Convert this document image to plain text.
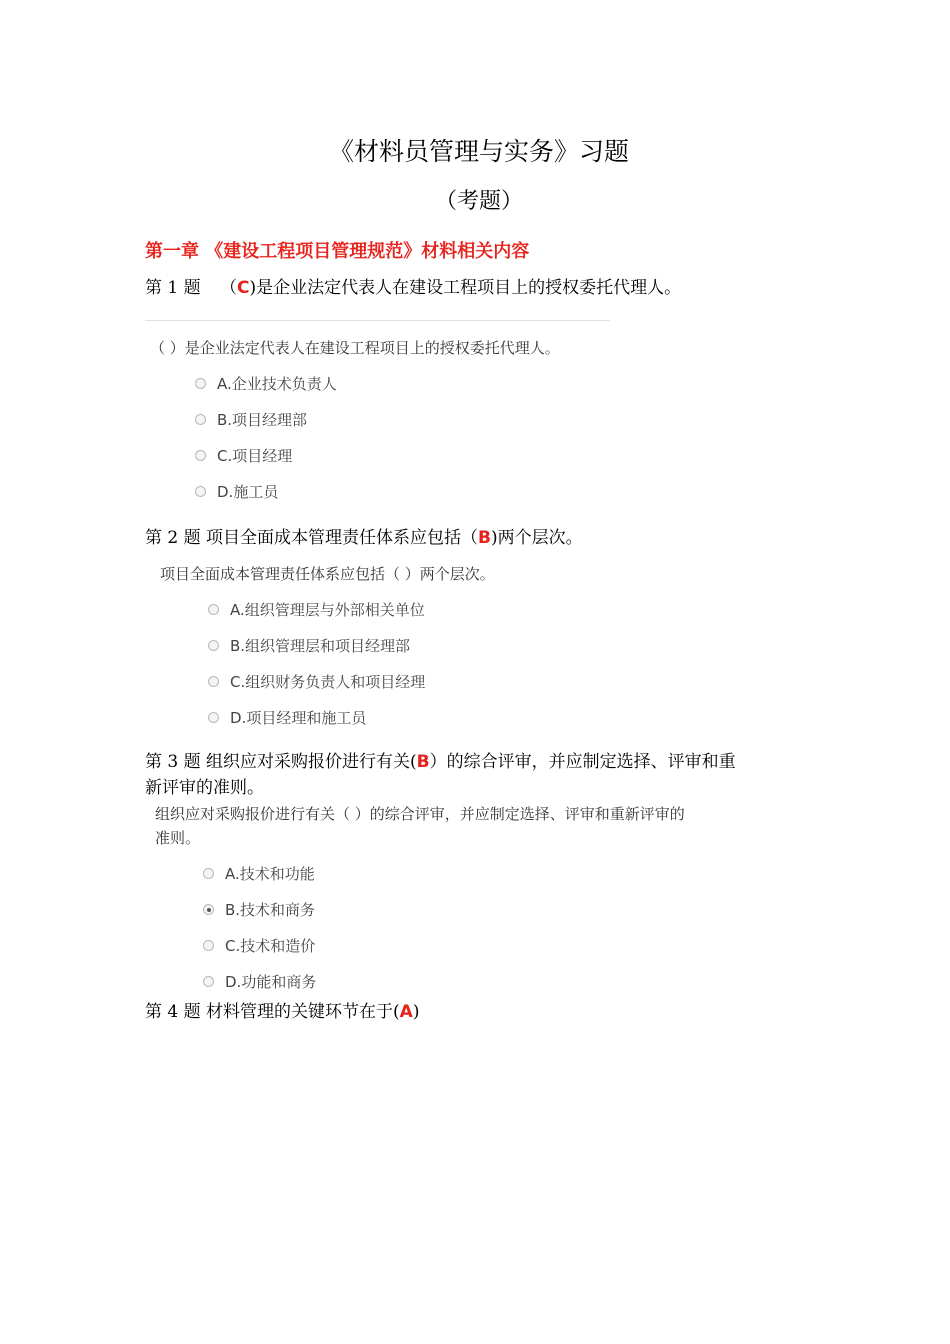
《材料员管理与实务》习题
（考题）
第一章 《建设工程项目管理规范》材料相关内容
第 1 题 （C)是企业法定代表人在建设工程项目上的授权委托代理人。
（ ）是企业法定代表人在建设工程项目上的授权委托代理人。
A.企业技术负责人
B.项目经理部
C.项目经理
D.施工员
第 2 题 项目全面成本管理责任体系应包括（B)两个层次。
项目全面成本管理责任体系应包括（ ）两个层次。
A.组织管理层与外部相关单位
B.组织管理层和项目经理部
C.组织财务负责人和项目经理
D.项目经理和施工员
第 3 题 组织应对采购报价进行有关(B）的综合评审，并应制定选择、评审和重
新评审的准则。
组织应对采购报价进行有关（ ）的综合评审，并应制定选择、评审和重新评审的
准则。
A.技术和功能
B.技术和商务
C.技术和造价
D.功能和商务
第 4 题 材料管理的关键环节在于(A)
